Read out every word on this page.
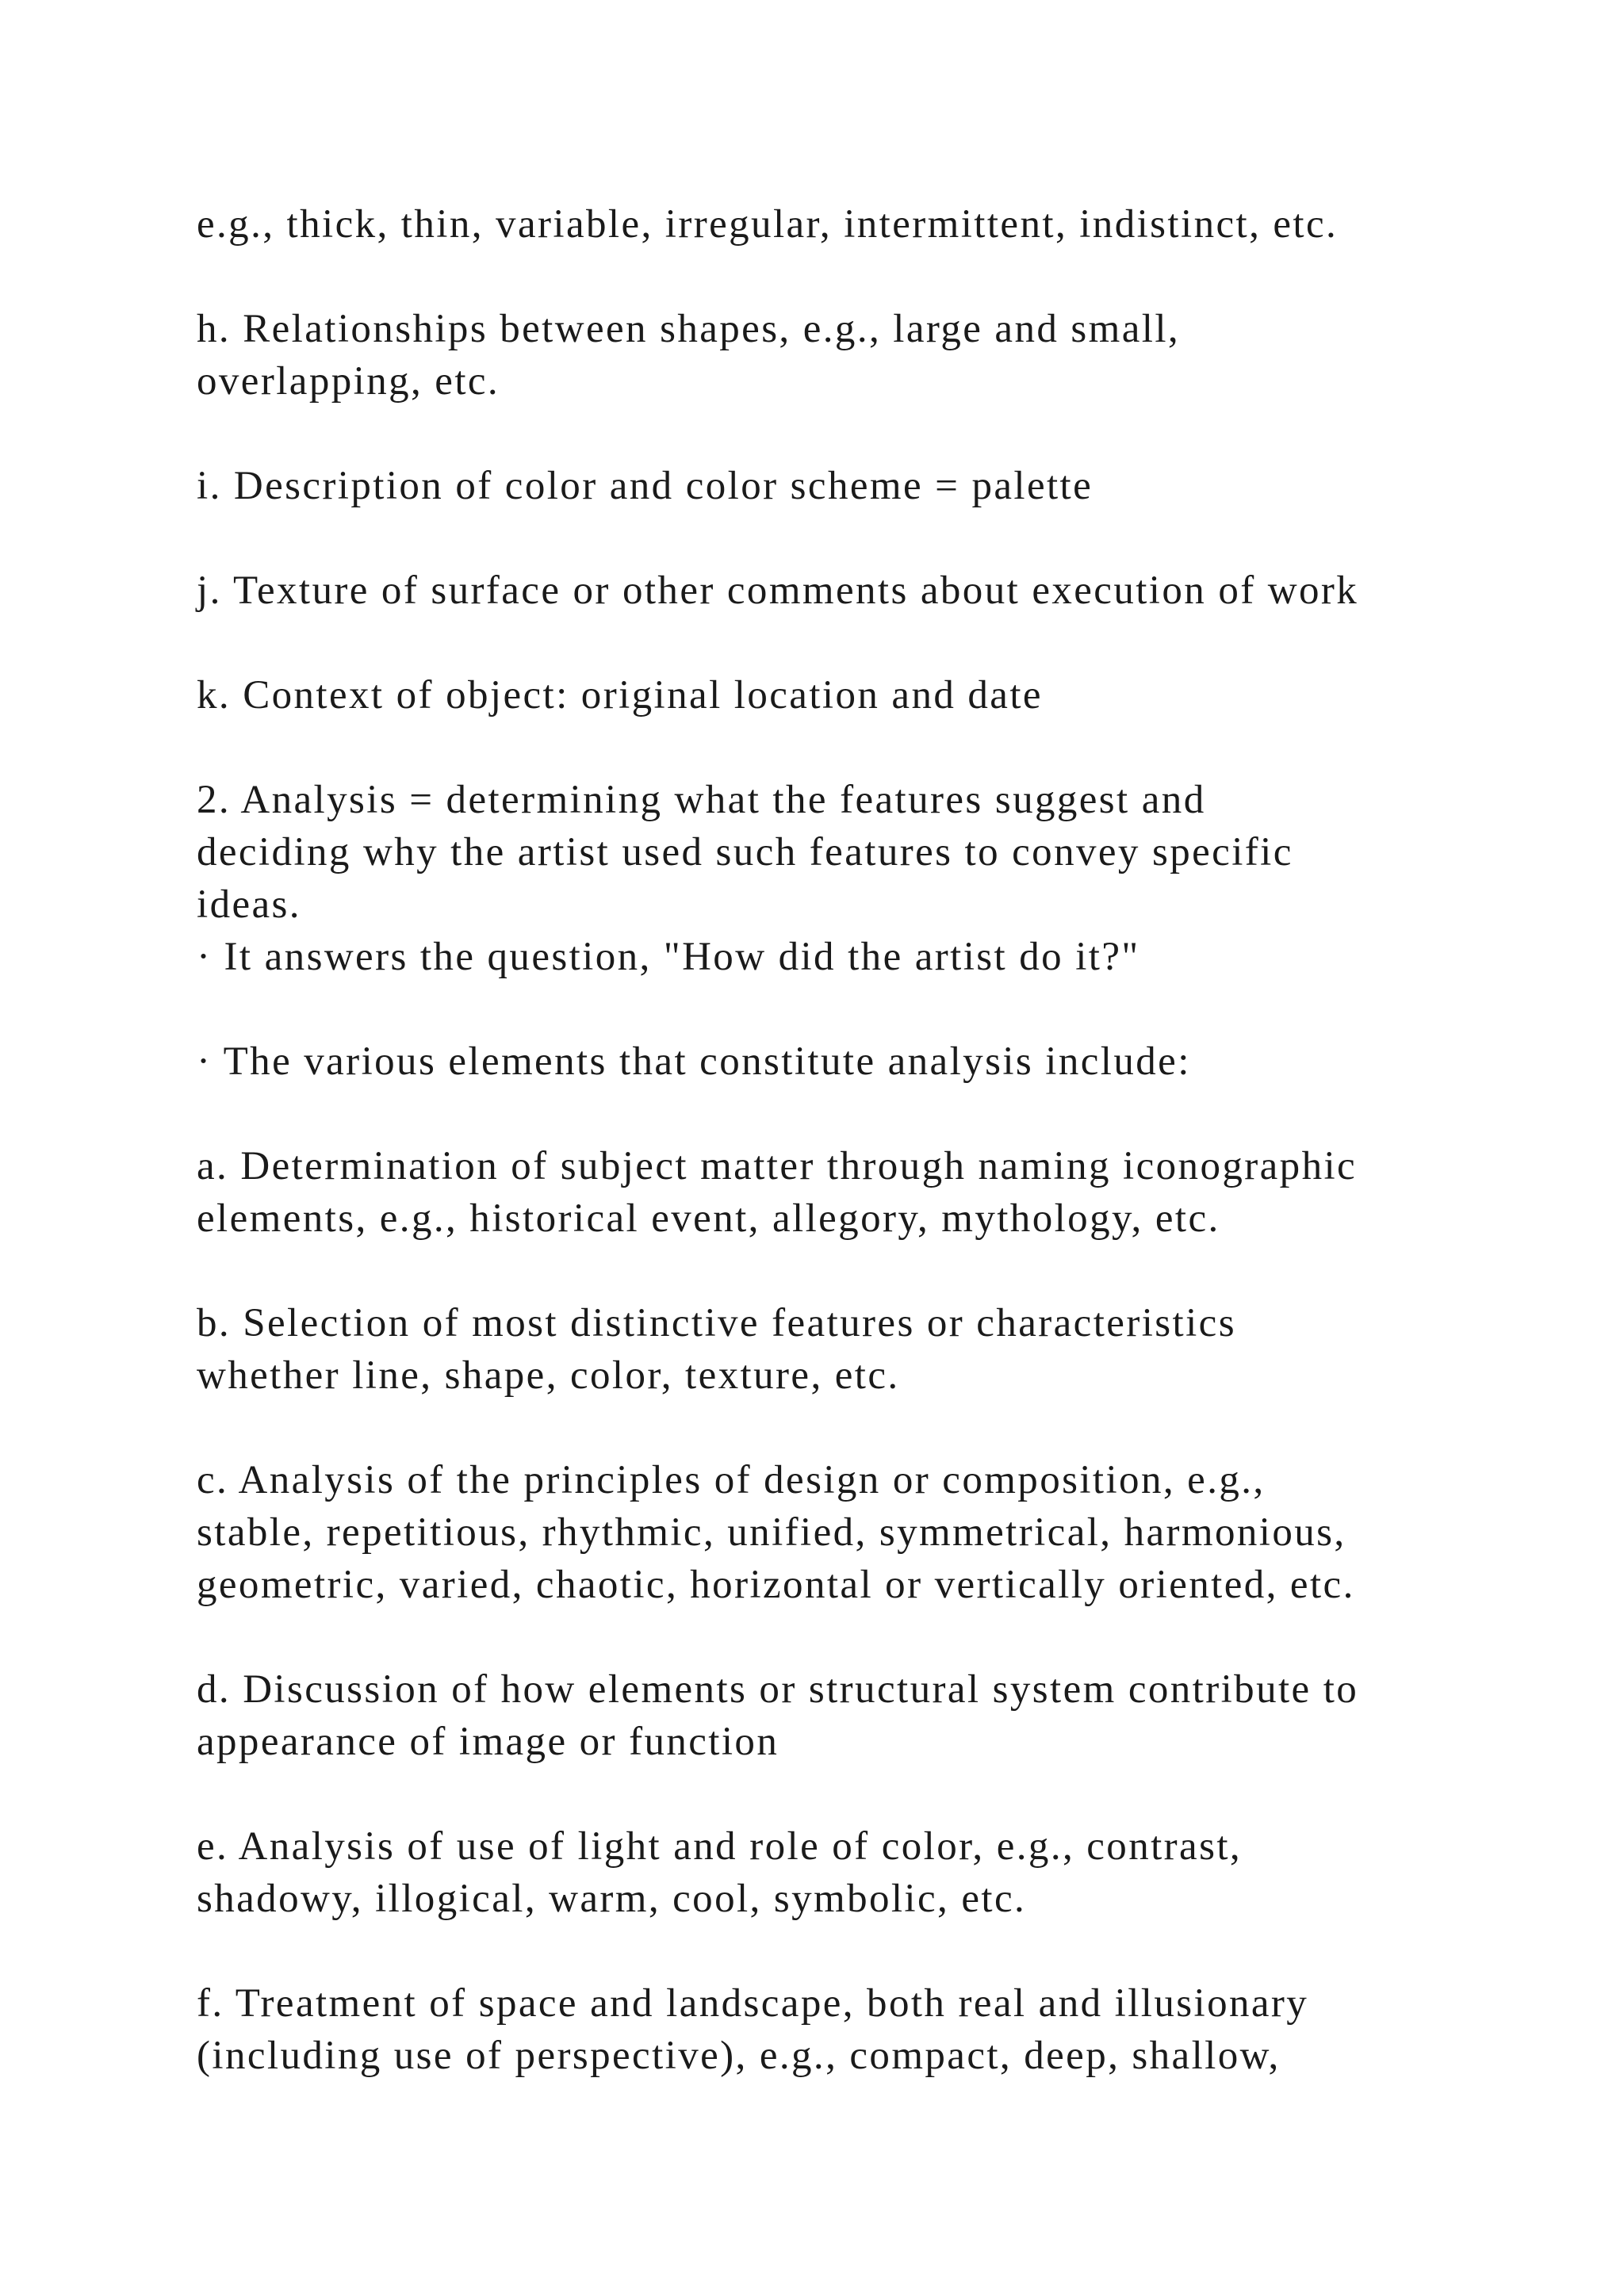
e.g., thick, thin, variable, irregular, intermittent, indistinct, etc.

h. Relationships between shapes, e.g., large and small,
overlapping, etc.

i. Description of color and color scheme = palette

j. Texture of surface or other comments about execution of work

k. Context of object: original location and date

2. Analysis = determining what the features suggest and
deciding why the artist used such features to convey specific
ideas.

· It answers the question, "How did the artist do it?"

· The various elements that constitute analysis include:

a. Determination of subject matter through naming iconographic
elements, e.g., historical event, allegory, mythology, etc.

b. Selection of most distinctive features or characteristics
whether line, shape, color, texture, etc.

c. Analysis of the principles of design or composition, e.g.,
stable, repetitious, rhythmic, unified, symmetrical, harmonious,
geometric, varied, chaotic, horizontal or vertically oriented, etc.

d. Discussion of how elements or structural system contribute to
appearance of image or function

e. Analysis of use of light and role of color, e.g., contrast,
shadowy, illogical, warm, cool, symbolic, etc.

f. Treatment of space and landscape, both real and illusionary
(including use of perspective), e.g., compact, deep, shallow,
